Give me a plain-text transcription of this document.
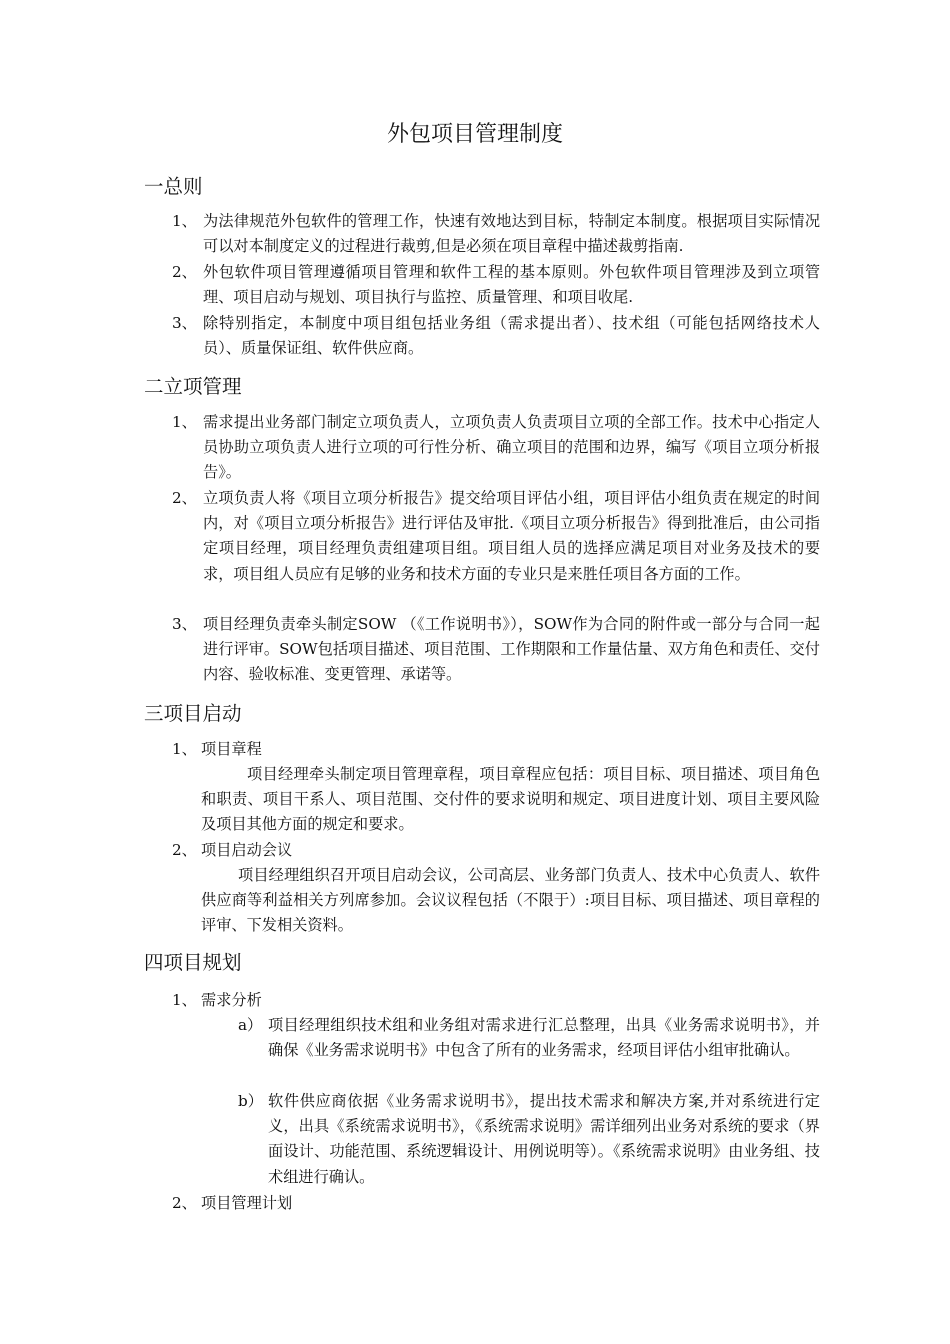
外包项目管理制度
一总则
1、 为法律规范外包软件的管理工作，快速有效地达到目标，特制定本制度。根据项目实际情况可以对本制度定义的过程进行裁剪,但是必须在项目章程中描述裁剪指南.
2、 外包软件项目管理遵循项目管理和软件工程的基本原则。外包软件项目管理涉及到立项管理、项目启动与规划、项目执行与监控、质量管理、和项目收尾.
3、 除特别指定，本制度中项目组包括业务组（需求提出者）、技术组（可能包括网络技术人员）、质量保证组、软件供应商。
二立项管理
1、 需求提出业务部门制定立项负责人，立项负责人负责项目立项的全部工作。技术中心指定人员协助立项负责人进行立项的可行性分析、确立项目的范围和边界，编写《项目立项分析报告》。
2、 立项负责人将《项目立项分析报告》提交给项目评估小组，项目评估小组负责在规定的时间内，对《项目立项分析报告》进行评估及审批.《项目立项分析报告》得到批准后，由公司指定项目经理，项目经理负责组建项目组。项目组人员的选择应满足项目对业务及技术的要求，项目组人员应有足够的业务和技术方面的专业只是来胜任项目各方面的工作。
3、 项目经理负责牵头制定SOW （《工作说明书》），SOW作为合同的附件或一部分与合同一起进行评审。SOW包括项目描述、项目范围、工作期限和工作量估量、双方角色和责任、交付内容、验收标准、变更管理、承诺等。
三项目启动
1、 项目章程
项目经理牵头制定项目管理章程，项目章程应包括：项目目标、项目描述、项目角色和职责、项目干系人、项目范围、交付件的要求说明和规定、项目进度计划、项目主要风险及项目其他方面的规定和要求。
2、 项目启动会议
项目经理组织召开项目启动会议，公司高层、业务部门负责人、技术中心负责人、软件供应商等利益相关方列席参加。会议议程包括（不限于）:项目目标、项目描述、项目章程的评审、下发相关资料。
四项目规划
1、 需求分析
a） 项目经理组织技术组和业务组对需求进行汇总整理，出具《业务需求说明书》，并确保《业务需求说明书》中包含了所有的业务需求，经项目评估小组审批确认。
b） 软件供应商依据《业务需求说明书》，提出技术需求和解决方案,并对系统进行定义，出具《系统需求说明书》，《系统需求说明》需详细列出业务对系统的要求（界面设计、功能范围、系统逻辑设计、用例说明等）。《系统需求说明》由业务组、技术组进行确认。
2、 项目管理计划
